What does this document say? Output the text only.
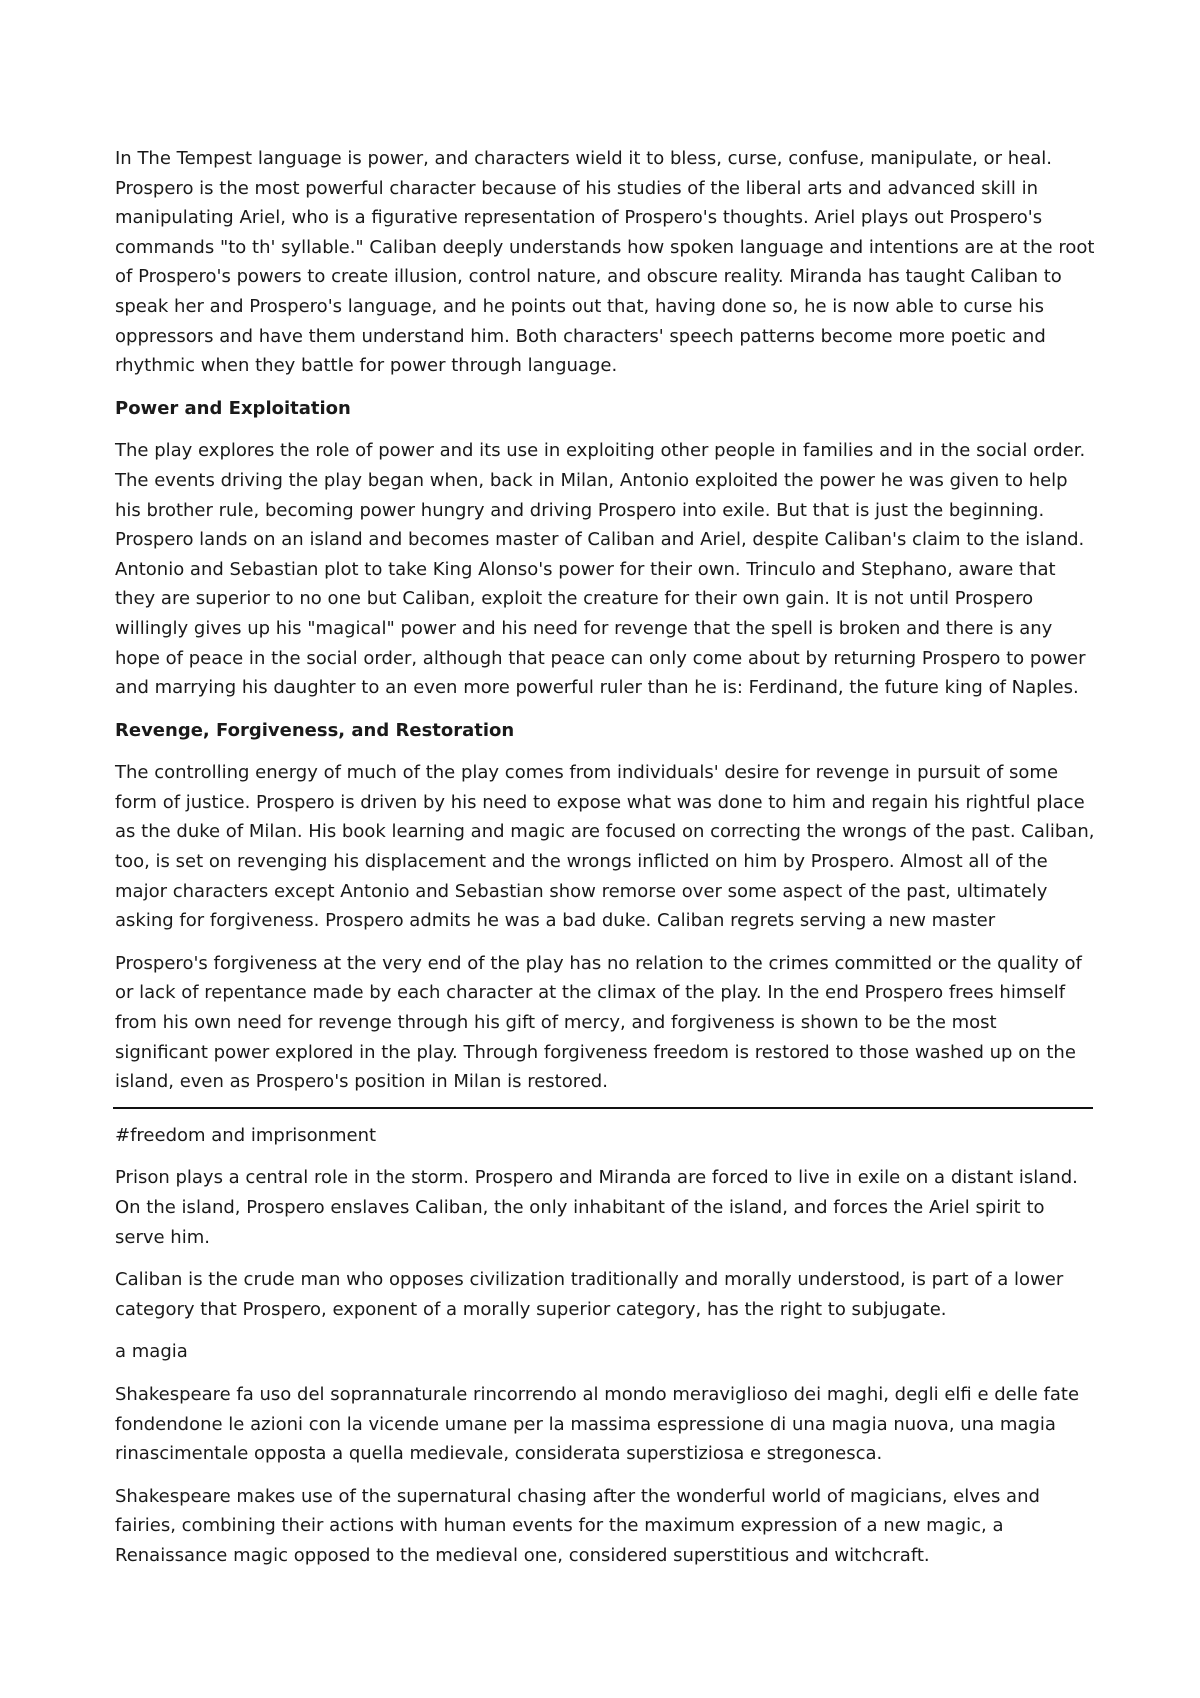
In The Tempest language is power, and characters wield it to bless, curse, confuse, manipulate, or heal. Prospero is the most powerful character because of his studies of the liberal arts and advanced skill in manipulating Ariel, who is a figurative representation of Prospero's thoughts. Ariel plays out Prospero's commands "to th' syllable." Caliban deeply understands how spoken language and intentions are at the root of Prospero's powers to create illusion, control nature, and obscure reality. Miranda has taught Caliban to speak her and Prospero's language, and he points out that, having done so, he is now able to curse his oppressors and have them understand him. Both characters' speech patterns become more poetic and rhythmic when they battle for power through language.

Power and Exploitation

The play explores the role of power and its use in exploiting other people in families and in the social order. The events driving the play began when, back in Milan, Antonio exploited the power he was given to help his brother rule, becoming power hungry and driving Prospero into exile. But that is just the beginning. Prospero lands on an island and becomes master of Caliban and Ariel, despite Caliban's claim to the island. Antonio and Sebastian plot to take King Alonso's power for their own. Trinculo and Stephano, aware that they are superior to no one but Caliban, exploit the creature for their own gain. It is not until Prospero willingly gives up his "magical" power and his need for revenge that the spell is broken and there is any hope of peace in the social order, although that peace can only come about by returning Prospero to power and marrying his daughter to an even more powerful ruler than he is: Ferdinand, the future king of Naples.

Revenge, Forgiveness, and Restoration

The controlling energy of much of the play comes from individuals' desire for revenge in pursuit of some form of justice. Prospero is driven by his need to expose what was done to him and regain his rightful place as the duke of Milan. His book learning and magic are focused on correcting the wrongs of the past. Caliban, too, is set on revenging his displacement and the wrongs inflicted on him by Prospero. Almost all of the major characters except Antonio and Sebastian show remorse over some aspect of the past, ultimately asking for forgiveness. Prospero admits he was a bad duke. Caliban regrets serving a new master

Prospero's forgiveness at the very end of the play has no relation to the crimes committed or the quality of or lack of repentance made by each character at the climax of the play. In the end Prospero frees himself from his own need for revenge through his gift of mercy, and forgiveness is shown to be the most significant power explored in the play. Through forgiveness freedom is restored to those washed up on the island, even as Prospero's position in Milan is restored.

#freedom and imprisonment

Prison plays a central role in the storm. Prospero and Miranda are forced to live in exile on a distant island. On the island, Prospero enslaves Caliban, the only inhabitant of the island, and forces the Ariel spirit to serve him.

Caliban is the crude man who opposes civilization traditionally and morally understood, is part of a lower category that Prospero, exponent of a morally superior category, has the right to subjugate.

a magia

Shakespeare fa uso del soprannaturale rincorrendo al mondo meraviglioso dei maghi, degli elfi e delle fate fondendone le azioni con la vicende umane per la massima espressione di una magia nuova, una magia rinascimentale opposta a quella medievale, considerata superstiziosa e stregonesca.

Shakespeare makes use of the supernatural chasing after the wonderful world of magicians, elves and fairies, combining their actions with human events for the maximum expression of a new magic, a Renaissance magic opposed to the medieval one, considered superstitious and witchcraft.
